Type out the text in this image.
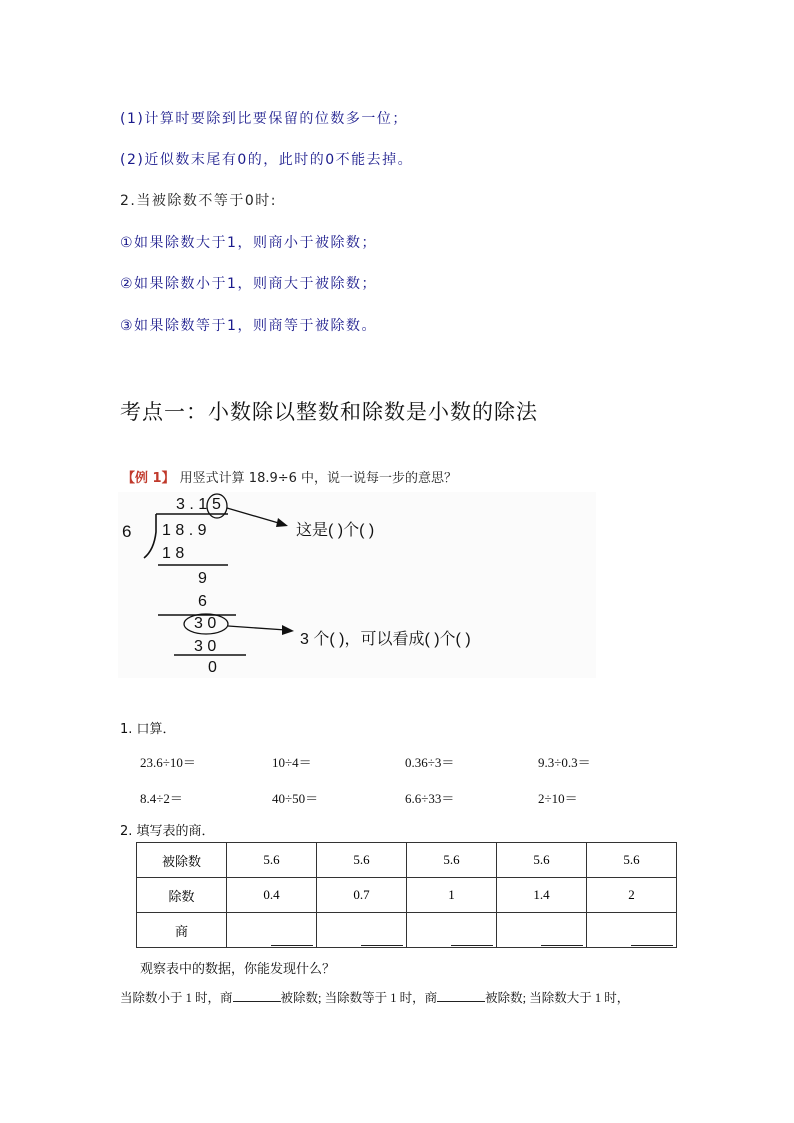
(1)计算时要除到比要保留的位数多一位；
(2)近似数末尾有0的，此时的0不能去掉。
2.当被除数不等于0时:
①如果除数大于1，则商小于被除数；
②如果除数小于1，则商大于被除数；
③如果除数等于1，则商等于被除数。
考点一：小数除以整数和除数是小数的除法
【例 1】 用竖式计算 18.9÷6 中，说一说每一步的意思？
3 . 1 5
6 1 8 . 9
1 8
9
6
3 0
3 0
0
这是( )个( )
3 个( )，可以看成( )个( )
1. 口算．
23.6÷10＝	10÷4＝	0.36÷3＝	9.3÷0.3＝
8.4÷2＝	40÷50＝	6.6÷33＝	2÷10＝
2. 填写表的商．
被除数	5.6	5.6	5.6	5.6	5.6
除数	0.4	0.7	1	1.4	2
商					
观察表中的数据，你能发现什么？
当除数小于 1 时，商	被除数; 当除数等于 1 时，商	被除数; 当除数大于 1 时，
